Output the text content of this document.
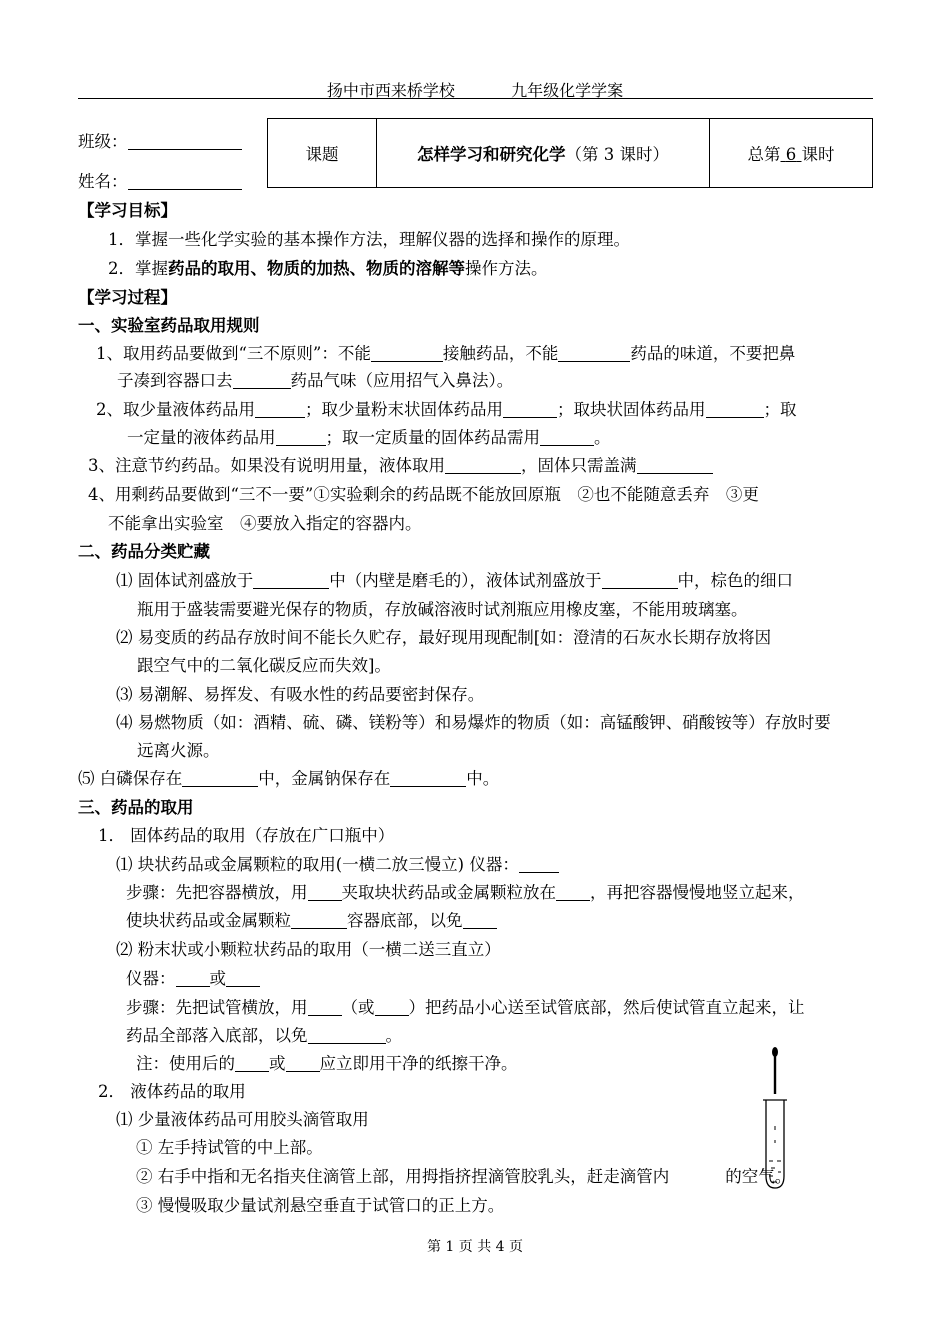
扬中市西来桥学校	九年级化学学案
班级：
姓名：
课题	怎样学习和研究化学（第 3 课时）	总第 6 课时
【学习目标】
1．掌握一些化学实验的基本操作方法，理解仪器的选择和操作的原理。
2．掌握药品的取用、物质的加热、物质的溶解等操作方法。
【学习过程】
一、实验室药品取用规则
1、取用药品要做到“三不原则”：不能	接触药品，不能	药品的味道，不要把鼻
子凑到容器口去	药品气味（应用招气入鼻法）。
2、取少量液体药品用	；取少量粉末状固体药品用	；取块状固体药品用	；取
一定量的液体药品用	；取一定质量的固体药品需用	。
3、注意节约药品。如果没有说明用量，液体取用	，固体只需盖满
4、用剩药品要做到“三不一要”①实验剩余的药品既不能放回原瓶　②也不能随意丢弃　③更
不能拿出实验室　④要放入指定的容器内。
二、药品分类贮藏
⑴ 固体试剂盛放于	中（内壁是磨毛的），液体试剂盛放于	中，棕色的细口
瓶用于盛装需要避光保存的物质，存放碱溶液时试剂瓶应用橡皮塞，不能用玻璃塞。
⑵ 易变质的药品存放时间不能长久贮存，最好现用现配制[如：澄清的石灰水长期存放将因
跟空气中的二氧化碳反应而失效]。
⑶ 易潮解、易挥发、有吸水性的药品要密封保存。
⑷ 易燃物质（如：酒精、硫、磷、镁粉等）和易爆炸的物质（如：高锰酸钾、硝酸铵等）存放时要
远离火源。
⑸ 白磷保存在	中，金属钠保存在	中。
三、药品的取用
1． 固体药品的取用（存放在广口瓶中）
⑴ 块状药品或金属颗粒的取用(一横二放三慢立) 仪器：
步骤：先把容器横放，用 夹取块状药品或金属颗粒放在 ，再把容器慢慢地竖立起来，
使块状药品或金属颗粒	容器底部，以免
⑵ 粉末状或小颗粒状药品的取用（一横二送三直立）
仪器： 或
步骤：先把试管横放，用 （或 ）把药品小心送至试管底部，然后使试管直立起来，让
药品全部落入底部，以免	。
注：使用后的 或 应立即用干净的纸擦干净。
2． 液体药品的取用
⑴ 少量液体药品可用胶头滴管取用
① 左手持试管的中上部。
② 右手中指和无名指夹住滴管上部，用拇指挤捏滴管胶乳头，赶走滴管内	的空气。
③ 慢慢吸取少量试剂悬空垂直于试管口的正上方。
第 1 页 共 4 页
